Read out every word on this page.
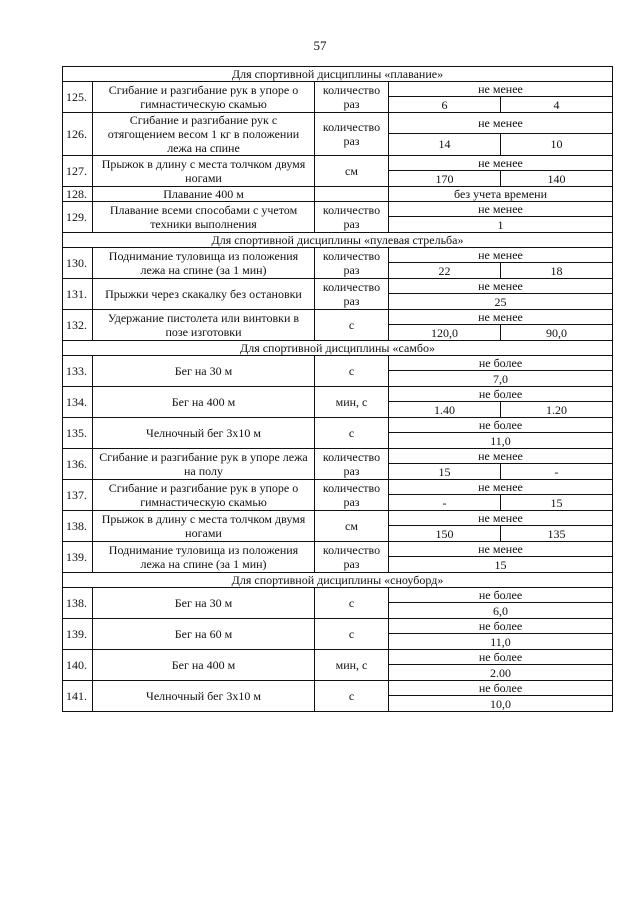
57
Для спортивной дисциплины «плавание»				
125.	Сгибание и разгибание рук в упоре о гимнастическую скамью	количество раз	не менее	
			6	4
126.	Сгибание и разгибание рук с отягощением весом 1 кг в положении лежа на спине	количество раз	не менее	
			14	10
127.	Прыжок в длину с места толчком двумя ногами	см	не менее	
			170	140
128.	Плавание 400 м		без учета времени	
129.	Плавание всеми способами с учетом техники выполнения	количество раз	не менее	
			1	
Для спортивной дисциплины «пулевая стрельба»				
130.	Поднимание туловища из положения лежа на спине (за 1 мин)	количество раз	не менее	
			22	18
131.	Прыжки через скакалку без остановки	количество раз	не менее	
			25	
132.	Удержание пистолета или винтовки в позе изготовки	с	не менее	
			120,0	90,0
Для спортивной дисциплины «самбо»				
133.	Бег на 30 м	с	не более	
			7,0	
134.	Бег на 400 м	мин, с	не более	
			1.40	1.20
135.	Челночный бег 3х10 м	с	не более	
			11,0	
136.	Сгибание и разгибание рук в упоре лежа на полу	количество раз	не менее	
			15	-
137.	Сгибание и разгибание рук в упоре о гимнастическую скамью	количество раз	не менее	
			-	15
138.	Прыжок в длину с места толчком двумя ногами	см	не менее	
			150	135
139.	Поднимание туловища из положения лежа на спине (за 1 мин)	количество раз	не менее	
			15	
Для спортивной дисциплины «сноуборд»				
138.	Бег на 30 м	с	не более	
			6,0	
139.	Бег на 60 м	с	не более	
			11,0	
140.	Бег на 400 м	мин, с	не более	
			2.00	
141.	Челночный бег 3х10 м	с	не более	
			10,0	
